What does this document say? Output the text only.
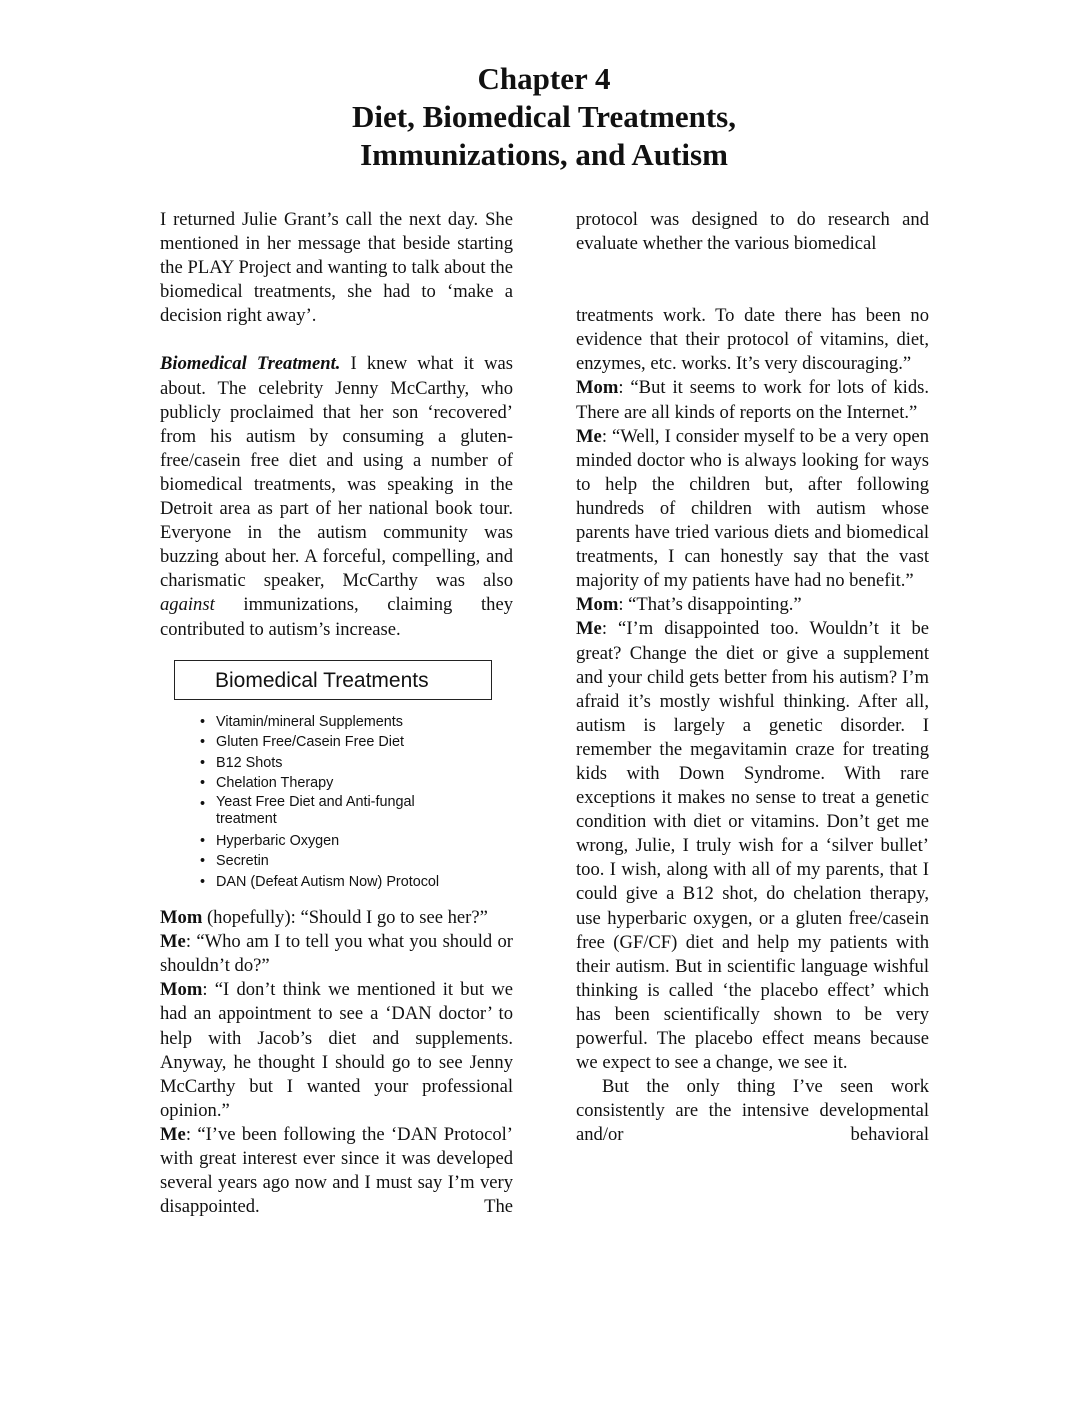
Chapter 4
Diet, Biomedical Treatments,
Immunizations, and Autism

I returned Julie Grant’s call the next day. She mentioned in her message that beside starting the PLAY Project and wanting to talk about the biomedical treatments, she had to ‘make a decision right away’.

Biomedical Treatment. I knew what it was about. The celebrity Jenny McCarthy, who publicly proclaimed that her son ‘recovered’ from his autism by consuming a gluten-free/casein free diet and using a number of biomedical treatments, was speaking in the Detroit area as part of her national book tour. Everyone in the autism community was buzzing about her. A forceful, compelling, and charismatic speaker, McCarthy was also against immunizations, claiming they contributed to autism’s increase.

Biomedical Treatments
• Vitamin/mineral Supplements
• Gluten Free/Casein Free Diet
• B12 Shots
• Chelation Therapy
• Yeast Free Diet and Anti-fungal treatment
• Hyperbaric Oxygen
• Secretin
• DAN (Defeat Autism Now) Protocol

Mom (hopefully): “Should I go to see her?”

Me: “Who am I to tell you what you should or shouldn’t do?”

Mom: “I don’t think we mentioned it but we had an appointment to see a ‘DAN doctor’ to help with Jacob’s diet and supplements. Anyway, he thought I should go to see Jenny McCarthy but I wanted your professional opinion.”

Me: “I’ve been following the ‘DAN Protocol’ with great interest ever since it was developed several years ago now and I must say I’m very disappointed. The

protocol was designed to do research and evaluate whether the various biomedical

treatments work. To date there has been no evidence that their protocol of vitamins, diet, enzymes, etc. works. It’s very discouraging.”

Mom: “But it seems to work for lots of kids. There are all kinds of reports on the Internet.”

Me: “Well, I consider myself to be a very open minded doctor who is always looking for ways to help the children but, after following hundreds of children with autism whose parents have tried various diets and biomedical treatments, I can honestly say that the vast majority of my patients have had no benefit.”

Mom: “That’s disappointing.”

Me: “I’m disappointed too. Wouldn’t it be great? Change the diet or give a supplement and your child gets better from his autism? I’m afraid it’s mostly wishful thinking. After all, autism is largely a genetic disorder. I remember the megavitamin craze for treating kids with Down Syndrome. With rare exceptions it makes no sense to treat a genetic condition with diet or vitamins. Don’t get me wrong, Julie, I truly wish for a ‘silver bullet’ too. I wish, along with all of my parents, that I could give a B12 shot, do chelation therapy, use hyperbaric oxygen, or a gluten free/casein free (GF/CF) diet and help my patients with their autism. But in scientific language wishful thinking is called ‘the placebo effect’ which has been scientifically shown to be very powerful. The placebo effect means because we expect to see a change, we see it.

But the only thing I’ve seen work consistently are the intensive developmental and/or behavioral
